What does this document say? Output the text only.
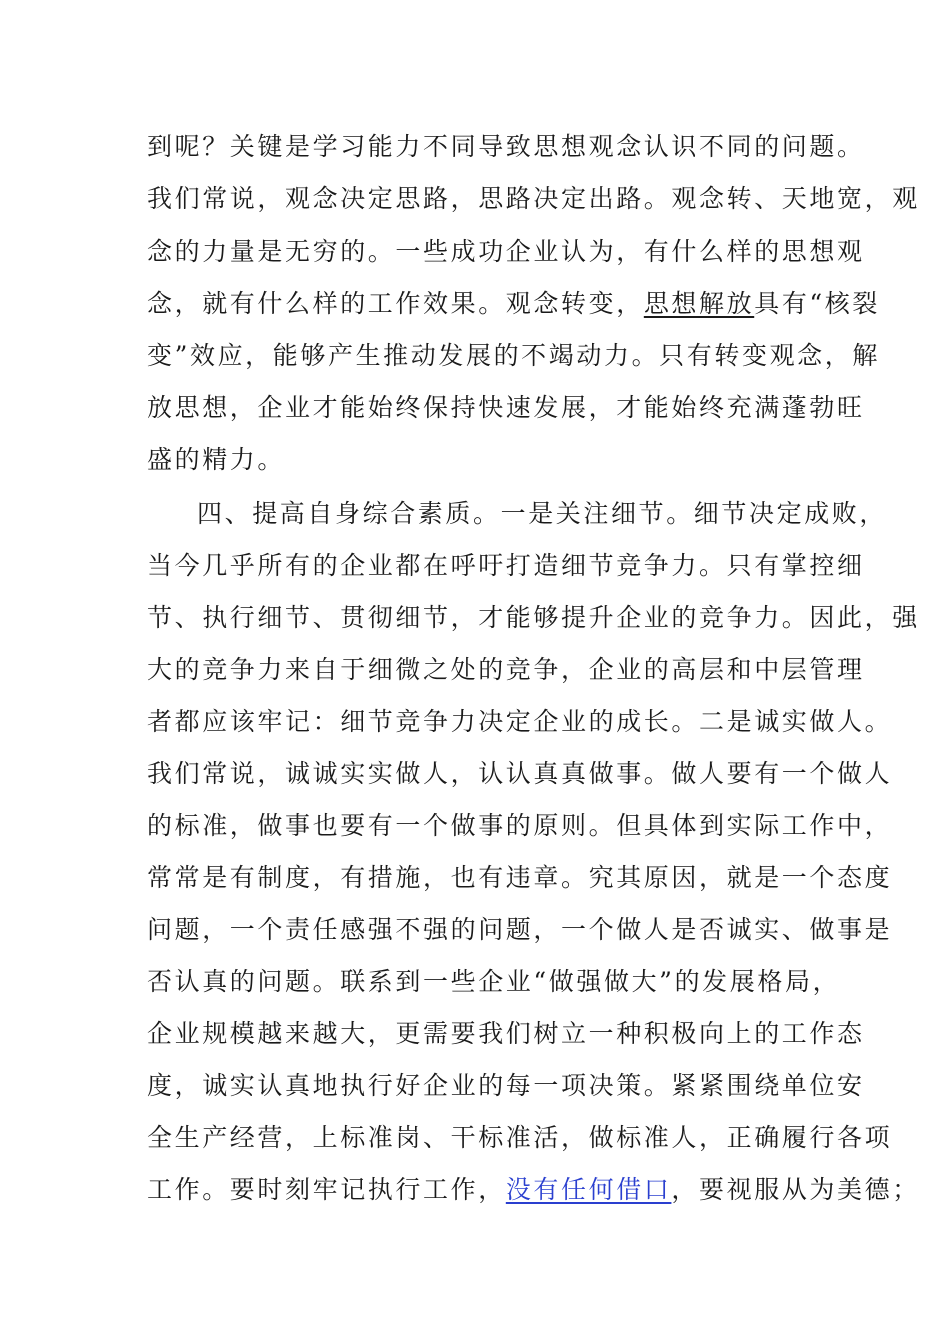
到呢？关键是学习能力不同导致思想观念认识不同的问题。
我们常说，观念决定思路，思路决定出路。观念转、天地宽，观
念的力量是无穷的。一些成功企业认为，有什么样的思想观
念，就有什么样的工作效果。观念转变，思想解放具有“核裂
变”效应，能够产生推动发展的不竭动力。只有转变观念，解
放思想，企业才能始终保持快速发展，才能始终充满蓬勃旺
盛的精力。
四、提高自身综合素质。一是关注细节。细节决定成败，
当今几乎所有的企业都在呼吁打造细节竞争力。只有掌控细
节、执行细节、贯彻细节，才能够提升企业的竞争力。因此，强
大的竞争力来自于细微之处的竞争，企业的高层和中层管理
者都应该牢记：细节竞争力决定企业的成长。二是诚实做人。
我们常说，诚诚实实做人，认认真真做事。做人要有一个做人
的标准，做事也要有一个做事的原则。但具体到实际工作中，
常常是有制度，有措施，也有违章。究其原因，就是一个态度
问题，一个责任感强不强的问题，一个做人是否诚实、做事是
否认真的问题。联系到一些企业“做强做大”的发展格局，
企业规模越来越大，更需要我们树立一种积极向上的工作态
度，诚实认真地执行好企业的每一项决策。紧紧围绕单位安
全生产经营，上标准岗、干标准活，做标准人，正确履行各项
工作。要时刻牢记执行工作，没有任何借口，要视服从为美德；
